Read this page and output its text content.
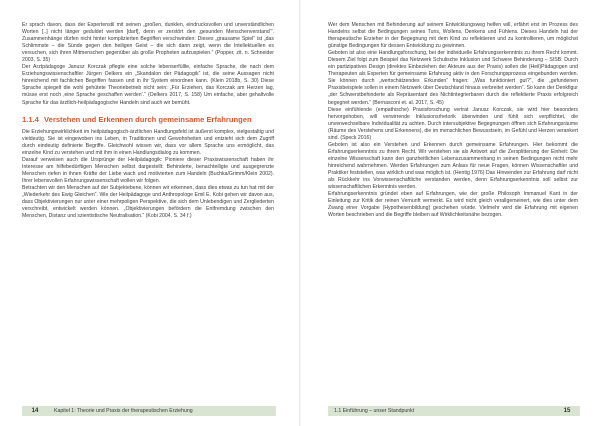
Er sprach davon, dass der Expertenstil mit seinen „großen, dunklen, eindrucksvollen und unverständlichen Worten [..] nicht länger geduldet werden [darf], denn er zerstört den ‚gesunden Menschenverstand‘“. Zusammenhänge dürfen nicht hinter komplizierten Begriffen verschwinden: Dieses „grausame Spiel“ ist „das Schlimmste – die Sünde gegen den heiligen Geist – die sich dann zeigt, wenn die Intellektuellen es versuchen, sich ihren Mitmenschen gegenüber als große Propheten aufzuspielen.“ (Popper, zit. n. Schneider 2003, S. 35)

Der Arztpädagoge Janusz Korczak pflegte eine solche lebenserfüllte, einfache Sprache, die nach dem Erziehungswissenschaftler Jürgen Oelkers ein „Skandalon der Pädagogik“ ist, die seine Aussagen nicht hinreichend mit fachlichen Begriffen fassen und in ihr System einordnen kann. (Klein 2018b, S. 30) Diese Sprache spiegelt die wohl gehütete Theoriebetrieb nicht sein: „Für Erziehen, das Korczak am Herzen lag, müsse erst noch ‚eine Sprache geschaffen werden‘.“ (Oelkers 2017, S. 158) Um einfache, aber gehaltvolle Sprache für das ärztlich-heilpädagogische Handeln sind auch wir bemüht.

1.1.4 Verstehen und Erkennen durch gemeinsame Erfahrungen

Die Erziehungswirklichkeit im heilpädagogisch-ärztlichen Handlungsfeld ist äußerst komplex, vielgestaltig und vieldeutig. Sie ist eingewoben ins Leben, in Traditionen und Gewohnheiten und entzieht sich dem Zugriff durch eindeutig definierte Begriffe. Gleichwohl wissen wir, dass vor allem Sprache uns ermöglicht, das einzelne Kind zu verstehen und mit ihm in einen Handlungsdialog zu kommen.

Darauf verweisen auch die Ursprünge der Heilpädagogik: Pioniere dieser Praxiswissenschaft haben ihr Interesse am hilfebedürftigen Menschen selbst dargestellt: Behinderte, benachteiligte und ausgegrenzte Menschen riefen in ihnen Kräfte der Liebe wach und motivierten zum Handeln (Buchka/Grimm/Klein 2002). Ihrer lebensvollen Erfahrungswissenschaft wollen wir folgen.

Betrachten wir den Menschen auf der Subjektebene, können wir erkennen, dass dies etwas zu tun hat mit der „Wiederkehr des Ewig Gleichen“. Wie der Heilpädagoge und Anthropologe Emil E. Kobi gehen wir davon aus, dass Objektivierungen nur unter einer mehrpoligen Perspektive, die sich dem Unlebendigen und Zergliederten verschreibt, entwickelt werden können. „Objektivierungen befördern die Entfremdung zwischen den Menschen, Distanz und szientistische Neutralisation.“ (Kobi 2004, S. 34 f.)

14	Kapitel 1: Theorie und Praxis der therapeutischen Erziehung

Wer dem Menschen mit Behinderung auf seinem Entwicklungsweg helfen will, erfährt erst im Prozess des Handelns selbst die Bedingungen seines Tuns, Wollens, Denkens und Fühlens. Dieses Handeln hat der therapeutische Erzieher in der Begegnung mit dem Kind zu reflektieren und zu kontrollieren, um möglichst günstige Bedingungen für dessen Entwicklung zu gewinnen.

Geboten ist also eine Handlungsforschung, bei der individuelle Erfahrungserkenntnis zu ihrem Recht kommt. Diesem Ziel folgt zum Beispiel das Netzwerk Schulische Inklusion und Schwere Behinderung – SISB: Durch ein partizipatives Design (direktes Einbeziehen der Akteure aus der Praxis) sollen die (Heil)Pädagogen und Therapeuten als Experten für gemeinsame Erfahrung aktiv in den Forschungsprozess eingebunden werden. Sie können durch „wertschätzendes Erkunden“ fragen: „Was funktioniert gut?“, die „gefundenen Praxisbeispiele sollen in einem Netzwerk über Deutschland hinaus verbreitet werden“. So kann der Denkfigur „der Schwerstbehinderte als Repräsentant des Nichtintegrierbaren durch die reflektierte Praxis erfolgreich begegnet werden.“ (Bernasconi et. al. 2017, S. 45)

Diese einfühlende (empathische) Praxisforschung vertrat Janusz Korczak, sie wird hier besonders hervorgehoben, will verwirrende Inklusionsrhetorik überwinden und fühlt sich verpflichtet, die unverwechselbare Individualität zu achten. Durch intersubjektive Begegnungen öffnen sich Erfahrungsräume (Räume des Verstehens und Erkennens), die im menschlichen Bewusstsein, im Gefühl und Herzen verankert sind. (Speck 2016)

Geboten ist also ein Verstehen und Erkennen durch gemeinsame Erfahrungen. Hier bekommt die Erfahrungserkenntnis zu ihrem Recht. Wir verstehen sie als Antwort auf die Zersplitterung der Einheit: Die einzelne Wissenschaft kann den ganzheitlichen Lebenszusammenhang in seinen Bedingungen nicht mehr hinreichend wahrnehmen. Werden Erfahrungen zum Anlass für neue Fragen, können Wissenschaftler und Praktiker feststellen, was wirklich und was möglich ist. (Hentig 1976) Das Hinwenden zur Erfahrung darf nicht als Rückkehr ins Vorwissenschaftliche verstanden werden, denn Erfahrungserkenntnis soll selbst zur wissenschaftlichen Erkenntnis werden.

Erfahrungserkenntnis gründet eben auf Erfahrungen, wie der große Philosoph Immanuel Kant in der Einleitung zur Kritik der reinen Vernunft vermerkt. Es wird nicht gleich verallgemeinert, wie dies unter dem Zwang einer Vorgabe (Hypothesenbildung) geschehen würde. Vielmehr wird die Erfahrung mit eigenen Worten beschrieben und die Begriffe bleiben auf Wirklichkeitsnähe bezogen.

1.1 Einführung – unser Standpunkt	15
